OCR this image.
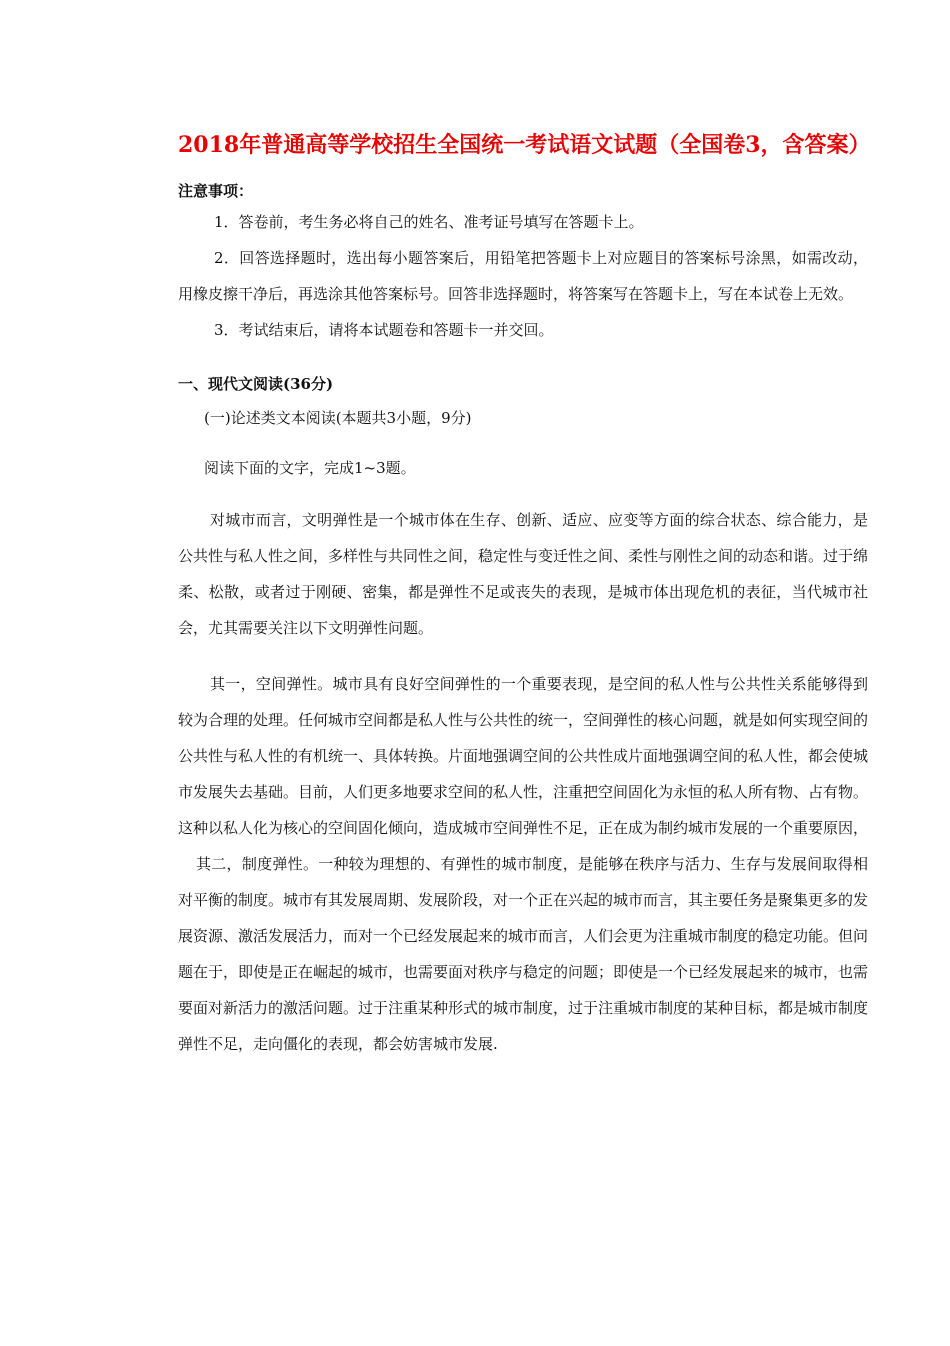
2018年普通高等学校招生全国统一考试语文试题（全国卷3，含答案）
注意事项：

1．答卷前，考生务必将自己的姓名、准考证号填写在答题卡上。

2．回答选择题时，选出每小题答案后，用铅笔把答题卡上对应题目的答案标号涂黑，如需改动，用橡皮擦干净后，再选涂其他答案标号。回答非选择题时，将答案写在答题卡上，写在本试卷上无效。

3．考试结束后，请将本试题卷和答题卡一并交回。

一、现代文阅读(36分)
(一)论述类文本阅读(本题共3小题，9分)
阅读下面的文字，完成1~3题。

对城市而言，文明弹性是一个城市体在生存、创新、适应、应变等方面的综合状态、综合能力，是公共性与私人性之间，多样性与共同性之间，稳定性与变迁性之间、柔性与刚性之间的动态和谐。过于绵柔、松散，或者过于刚硬、密集，都是弹性不足或丧失的表现，是城市体出现危机的表征，当代城市社会，尤其需要关注以下文明弹性问题。

其一，空间弹性。城市具有良好空间弹性的一个重要表现，是空间的私人性与公共性关系能够得到较为合理的处理。任何城市空间都是私人性与公共性的统一，空间弹性的核心问题，就是如何实现空间的公共性与私人性的有机统一、具体转换。片面地强调空间的公共性成片面地强调空间的私人性，都会使城市发展失去基础。目前，人们更多地要求空间的私人性，注重把空间固化为永恒的私人所有物、占有物。这种以私人化为核心的空间固化倾向，造成城市空间弹性不足，正在成为制约城市发展的一个重要原因，

其二，制度弹性。一种较为理想的、有弹性的城市制度，是能够在秩序与活力、生存与发展间取得相对平衡的制度。城市有其发展周期、发展阶段，对一个正在兴起的城市而言，其主要任务是聚集更多的发展资源、激活发展活力，而对一个已经发展起来的城市而言，人们会更为注重城市制度的稳定功能。但问题在于，即使是正在崛起的城市，也需要面对秩序与稳定的问题；即使是一个已经发展起来的城市，也需要面对新活力的激活问题。过于注重某种形式的城市制度，过于注重城市制度的某种目标，都是城市制度弹性不足，走向僵化的表现，都会妨害城市发展.
